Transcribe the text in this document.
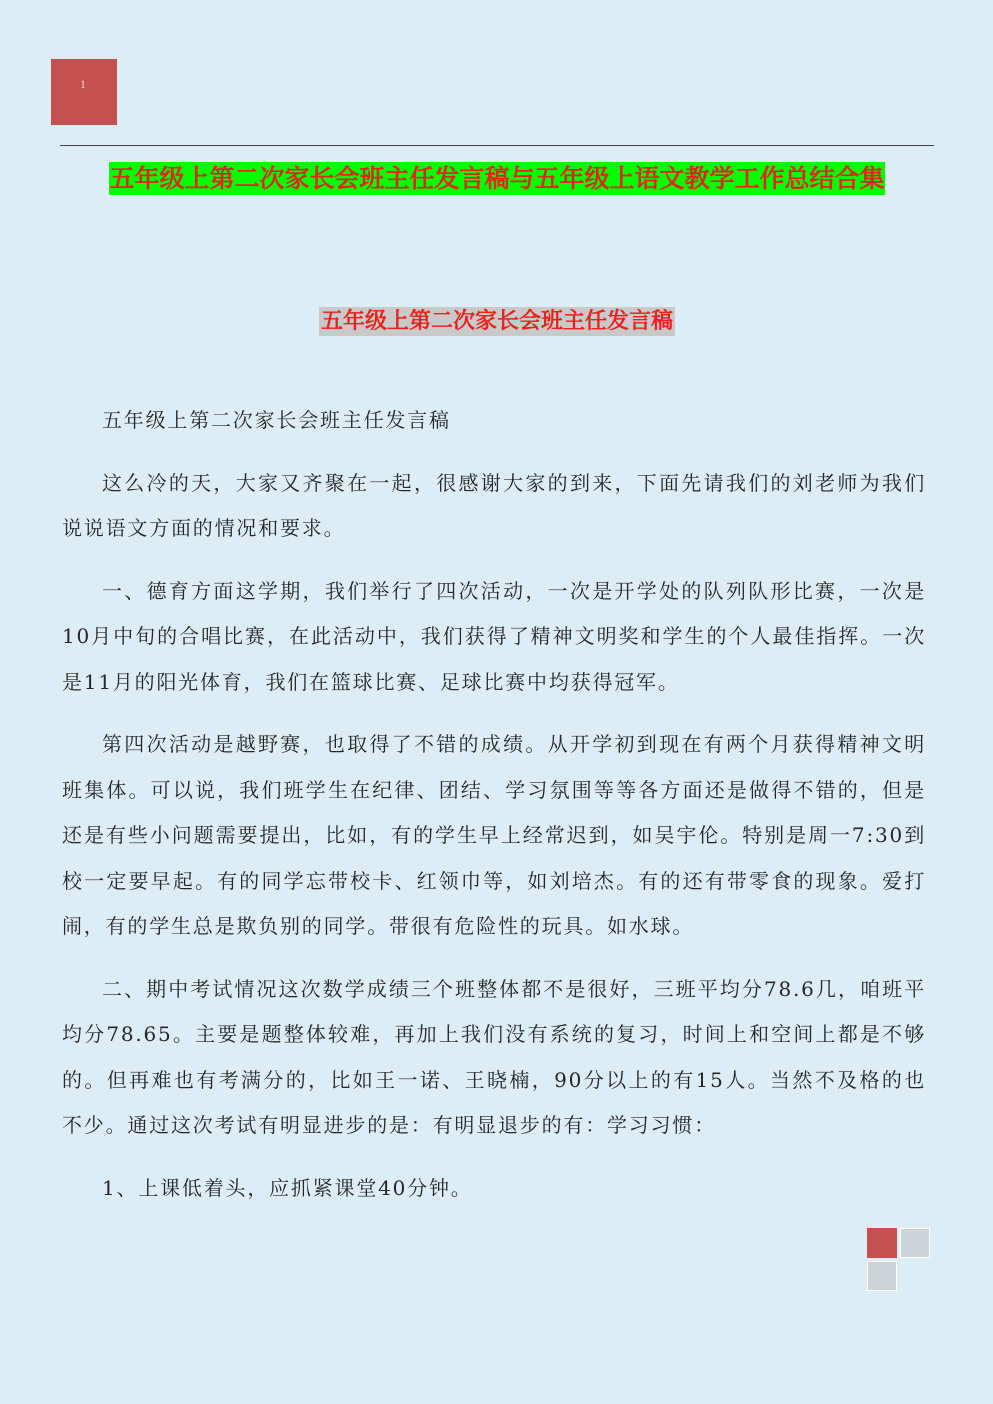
1
五年级上第二次家长会班主任发言稿与五年级上语文教学工作总结合集
五年级上第二次家长会班主任发言稿

五年级上第二次家长会班主任发言稿

这么冷的天，大家又齐聚在一起，很感谢大家的到来，下面先请我们的刘老师为我们说说语文方面的情况和要求。

一、德育方面这学期，我们举行了四次活动，一次是开学处的队列队形比赛，一次是10月中旬的合唱比赛，在此活动中，我们获得了精神文明奖和学生的个人最佳指挥。一次是11月的阳光体育，我们在篮球比赛、足球比赛中均获得冠军。

第四次活动是越野赛，也取得了不错的成绩。从开学初到现在有两个月获得精神文明班集体。可以说，我们班学生在纪律、团结、学习氛围等等各方面还是做得不错的，但是还是有些小问题需要提出，比如，有的学生早上经常迟到，如吴宇伦。特别是周一7:30到校一定要早起。有的同学忘带校卡、红领巾等，如刘培杰。有的还有带零食的现象。爱打闹，有的学生总是欺负别的同学。带很有危险性的玩具。如水球。

二、期中考试情况这次数学成绩三个班整体都不是很好，三班平均分78.6几，咱班平均分78.65。主要是题整体较难，再加上我们没有系统的复习，时间上和空间上都是不够的。但再难也有考满分的，比如王一诺、王晓楠，90分以上的有15人。当然不及格的也不少。通过这次考试有明显进步的是：有明显退步的有：学习习惯：

1、上课低着头，应抓紧课堂40分钟。
